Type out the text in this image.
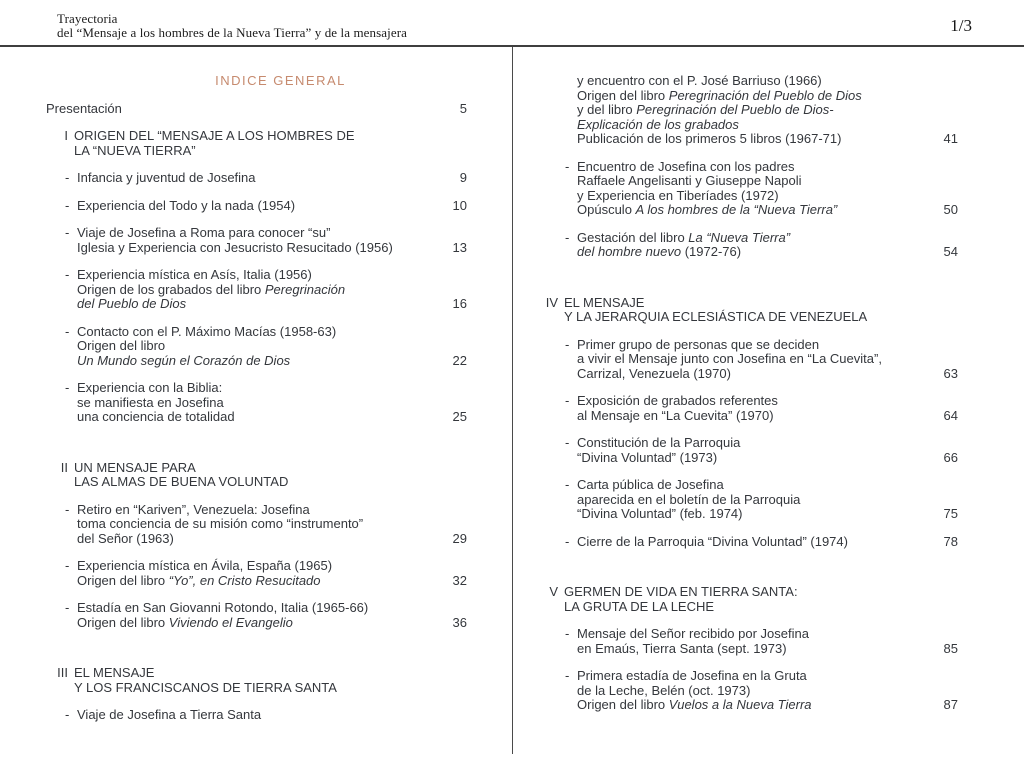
Trayectoria
del “Mensaje a los hombres de la Nueva Tierra” y de la mensajera	1/3
INDICE GENERAL
Presentación	5
I ORIGEN DEL “MENSAJE A LOS HOMBRES DE
LA “NUEVA TIERRA”
- Infancia y juventud de Josefina	9
- Experiencia del Todo y la nada (1954)	10
- Viaje de Josefina a Roma para conocer “su”
Iglesia y Experiencia con Jesucristo Resucitado (1956)	13
- Experiencia mística en Asís, Italia (1956)
Origen de los grabados del libro Peregrinación
del Pueblo de Dios	16
- Contacto con el P. Máximo Macías (1958-63)
Origen del libro
Un Mundo según el Corazón de Dios	22
- Experiencia con la Biblia:
se manifiesta en Josefina
una conciencia de totalidad	25
II UN MENSAJE PARA
LAS ALMAS DE BUENA VOLUNTAD
- Retiro en “Kariven”, Venezuela: Josefina
toma conciencia de su misión como “instrumento”
del Señor (1963)	29
- Experiencia mística en Ávila, España (1965)
Origen del libro “Yo”, en Cristo Resucitado	32
- Estadía en San Giovanni Rotondo, Italia (1965-66)
Origen del libro Viviendo el Evangelio	36
III EL MENSAJE
Y LOS FRANCISCANOS DE TIERRA SANTA
- Viaje de Josefina a Tierra Santa
y encuentro con el P. José Barriuso (1966)
Origen del libro Peregrinación del Pueblo de Dios
y del libro Peregrinación del Pueblo de Dios-
Explicación de los grabados
Publicación de los primeros 5 libros (1967-71)	41
- Encuentro de Josefina con los padres
Raffaele Angelisanti y Giuseppe Napoli
y Experiencia en Tiberíades (1972)
Opúsculo A los hombres de la “Nueva Tierra”	50
- Gestación del libro La “Nueva Tierra”
del hombre nuevo (1972-76)	54
IV EL MENSAJE
Y LA JERARQUIA ECLESIÁSTICA DE VENEZUELA
- Primer grupo de personas que se deciden
a vivir el Mensaje junto con Josefina en “La Cuevita”,
Carrizal, Venezuela (1970)	63
- Exposición de grabados referentes
al Mensaje en “La Cuevita” (1970)	64
- Constitución de la Parroquia
“Divina Voluntad” (1973)	66
- Carta pública de Josefina
aparecida en el boletín de la Parroquia
“Divina Voluntad” (feb. 1974)	75
- Cierre de la Parroquia “Divina Voluntad” (1974)	78
V GERMEN DE VIDA EN TIERRA SANTA:
LA GRUTA DE LA LECHE
- Mensaje del Señor recibido por Josefina
en Emaús, Tierra Santa (sept. 1973)	85
- Primera estadía de Josefina en la Gruta
de la Leche, Belén (oct. 1973)
Origen del libro Vuelos a la Nueva Tierra	87
